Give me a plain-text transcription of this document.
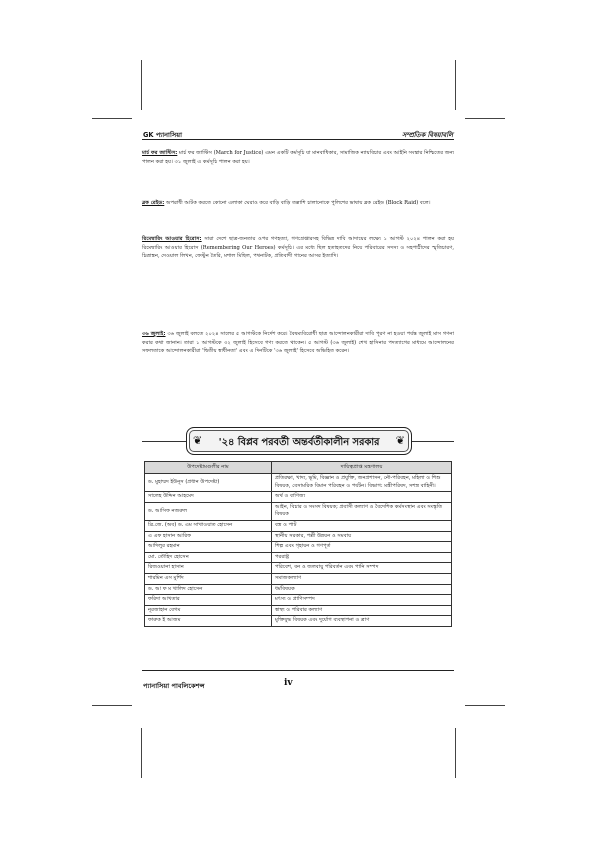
GK প্যানাসিয়া	সম্প্রতিক বিষয়াবলি
মার্চ ফর জাস্টিস: মার্চ ফর জাস্টিস (March for Justice) এমন একটি কর্মসূচি যা মানবাধিকার, সামাজিক ন্যায়বিচার এবং আইনি সংস্কার নিশ্চিতের জন্য পালন করা হয়। ৩১ জুলাই এ কর্মসূচি পালন করা হয়।
ব্লক রেইড: অপরাধী আটক করতে কোনো এলাকা ঘেরাও করে বাড়ি বাড়ি তল্লাশি চালানোকে পুলিশের ভাষায় ব্লক রেইড (Block Raid) বলে।
রিমেম্বারিং আওয়ার হিরোস: সারা দেশে ছাত্র-জনতার ওপর গণহত্যা, গণগ্রেপ্তারসহ বিভিন্ন দাবি আদায়ের লক্ষ্যে ১ আগস্ট ২০২৪ পালন করা হয় রিমেম্বারিং আওয়ার হিরোস (Remembering Our Heroes) কর্মসূচি। এর মধ্যে ছিল হতাহতদের নিয়ে পরিবারের সদস্য ও সহপাঠীদের স্মৃতিচারণ, চিত্রাঙ্কন, দেওয়াল লিখন, ফেস্টুন তৈরি, মশাল মিছিল, পথনাটক, প্রতিবাদী গানের আসর ইত্যাদি।
৩৬ জুলাই: ৩৬ জুলাই বলতে ২০২৪ সালের ৫ আগস্টকে নির্দেশ করে। বৈষম্যবিরোধী ছাত্র আন্দোলনকারীরা দাবি পূরণ না হওয়া পর্যন্ত জুলাই মাস গণনা করার কথা জানান। তারা ১ আগস্টকে ৩২ জুলাই হিসেবে গণ্য করতে থাকেন। ৫ আগস্ট (৩৬ জুলাই) শেখ হাসিনার পদত্যাগের মাধ্যমে আন্দোলনের সফলতাকে আন্দোলনকারীরা 'দ্বিতীয় স্বাধীনতা' এবং এ দিনটিকে '৩৬ জুলাই' হিসেবে অভিহিত করেন।
❦	'২৪ বিপ্লব পরবর্তী অন্তর্বর্তীকালীন সরকার	❦
উপদেষ্টামণ্ডলীর নাম	দায়িত্বপ্রাপ্ত মন্ত্রণালয়
ড. মুহাম্মদ ইউনূস (প্রধান উপদেষ্টা)	প্রতিরক্ষা, খাদ্য, ভূমি, বিজ্ঞান ও প্রযুক্তি, জনপ্রশাসন, নৌ-পরিবহন, মহিলা ও শিশু বিষয়ক, বেসামরিক বিমান পরিবহন ও পর্যটন। বিভাগ: মন্ত্রীপরিষদ, সশস্ত্র বাহিনী।
সালেহ উদ্দিন আহমেদ	অর্থ ও বাণিজ্য
ড. আসিফ নজরুল	আইন, বিচার ও সংসদ বিষয়ক; প্রবাসী কল্যাণ ও বৈদেশিক কর্মসংস্থান এবং সংস্কৃতি বিষয়ক
ব্রি.জে. (অব) ড. এম সাখাওয়াত হোসেন	বস্ত্র ও পাট
এ এফ হাসান আরিফ	স্থানীয় সরকার, পল্লী উন্নয়ন ও সমবায়
আদিলুর রহমান	শিল্প এবং গৃহায়ন ও গণপূর্ত
মো. তৌহিদ হোসেন	পররাষ্ট্র
রিজওয়ানা হাসান	পরিবেশ, বন ও জলবায়ু পরিবর্তন এবং পানি সম্পদ
শারমিন এস মুর্শিদ	সমাজকল্যাণ
ড. আ ফ ম খালিদ হোসেন	ধর্মবিষয়ক
ফরিদা আখতার	মৎস্য ও প্রাণিসম্পদ
নূরজাহান বেগম	স্বাস্থ্য ও পরিবার কল্যাণ
ফারুক ই আজম	মুক্তিযুদ্ধ বিষয়ক এবং দুর্যোগ ব্যবস্থাপনা ও ত্রাণ
প্যানাসিয়া পাবলিকেশন্স	iv
